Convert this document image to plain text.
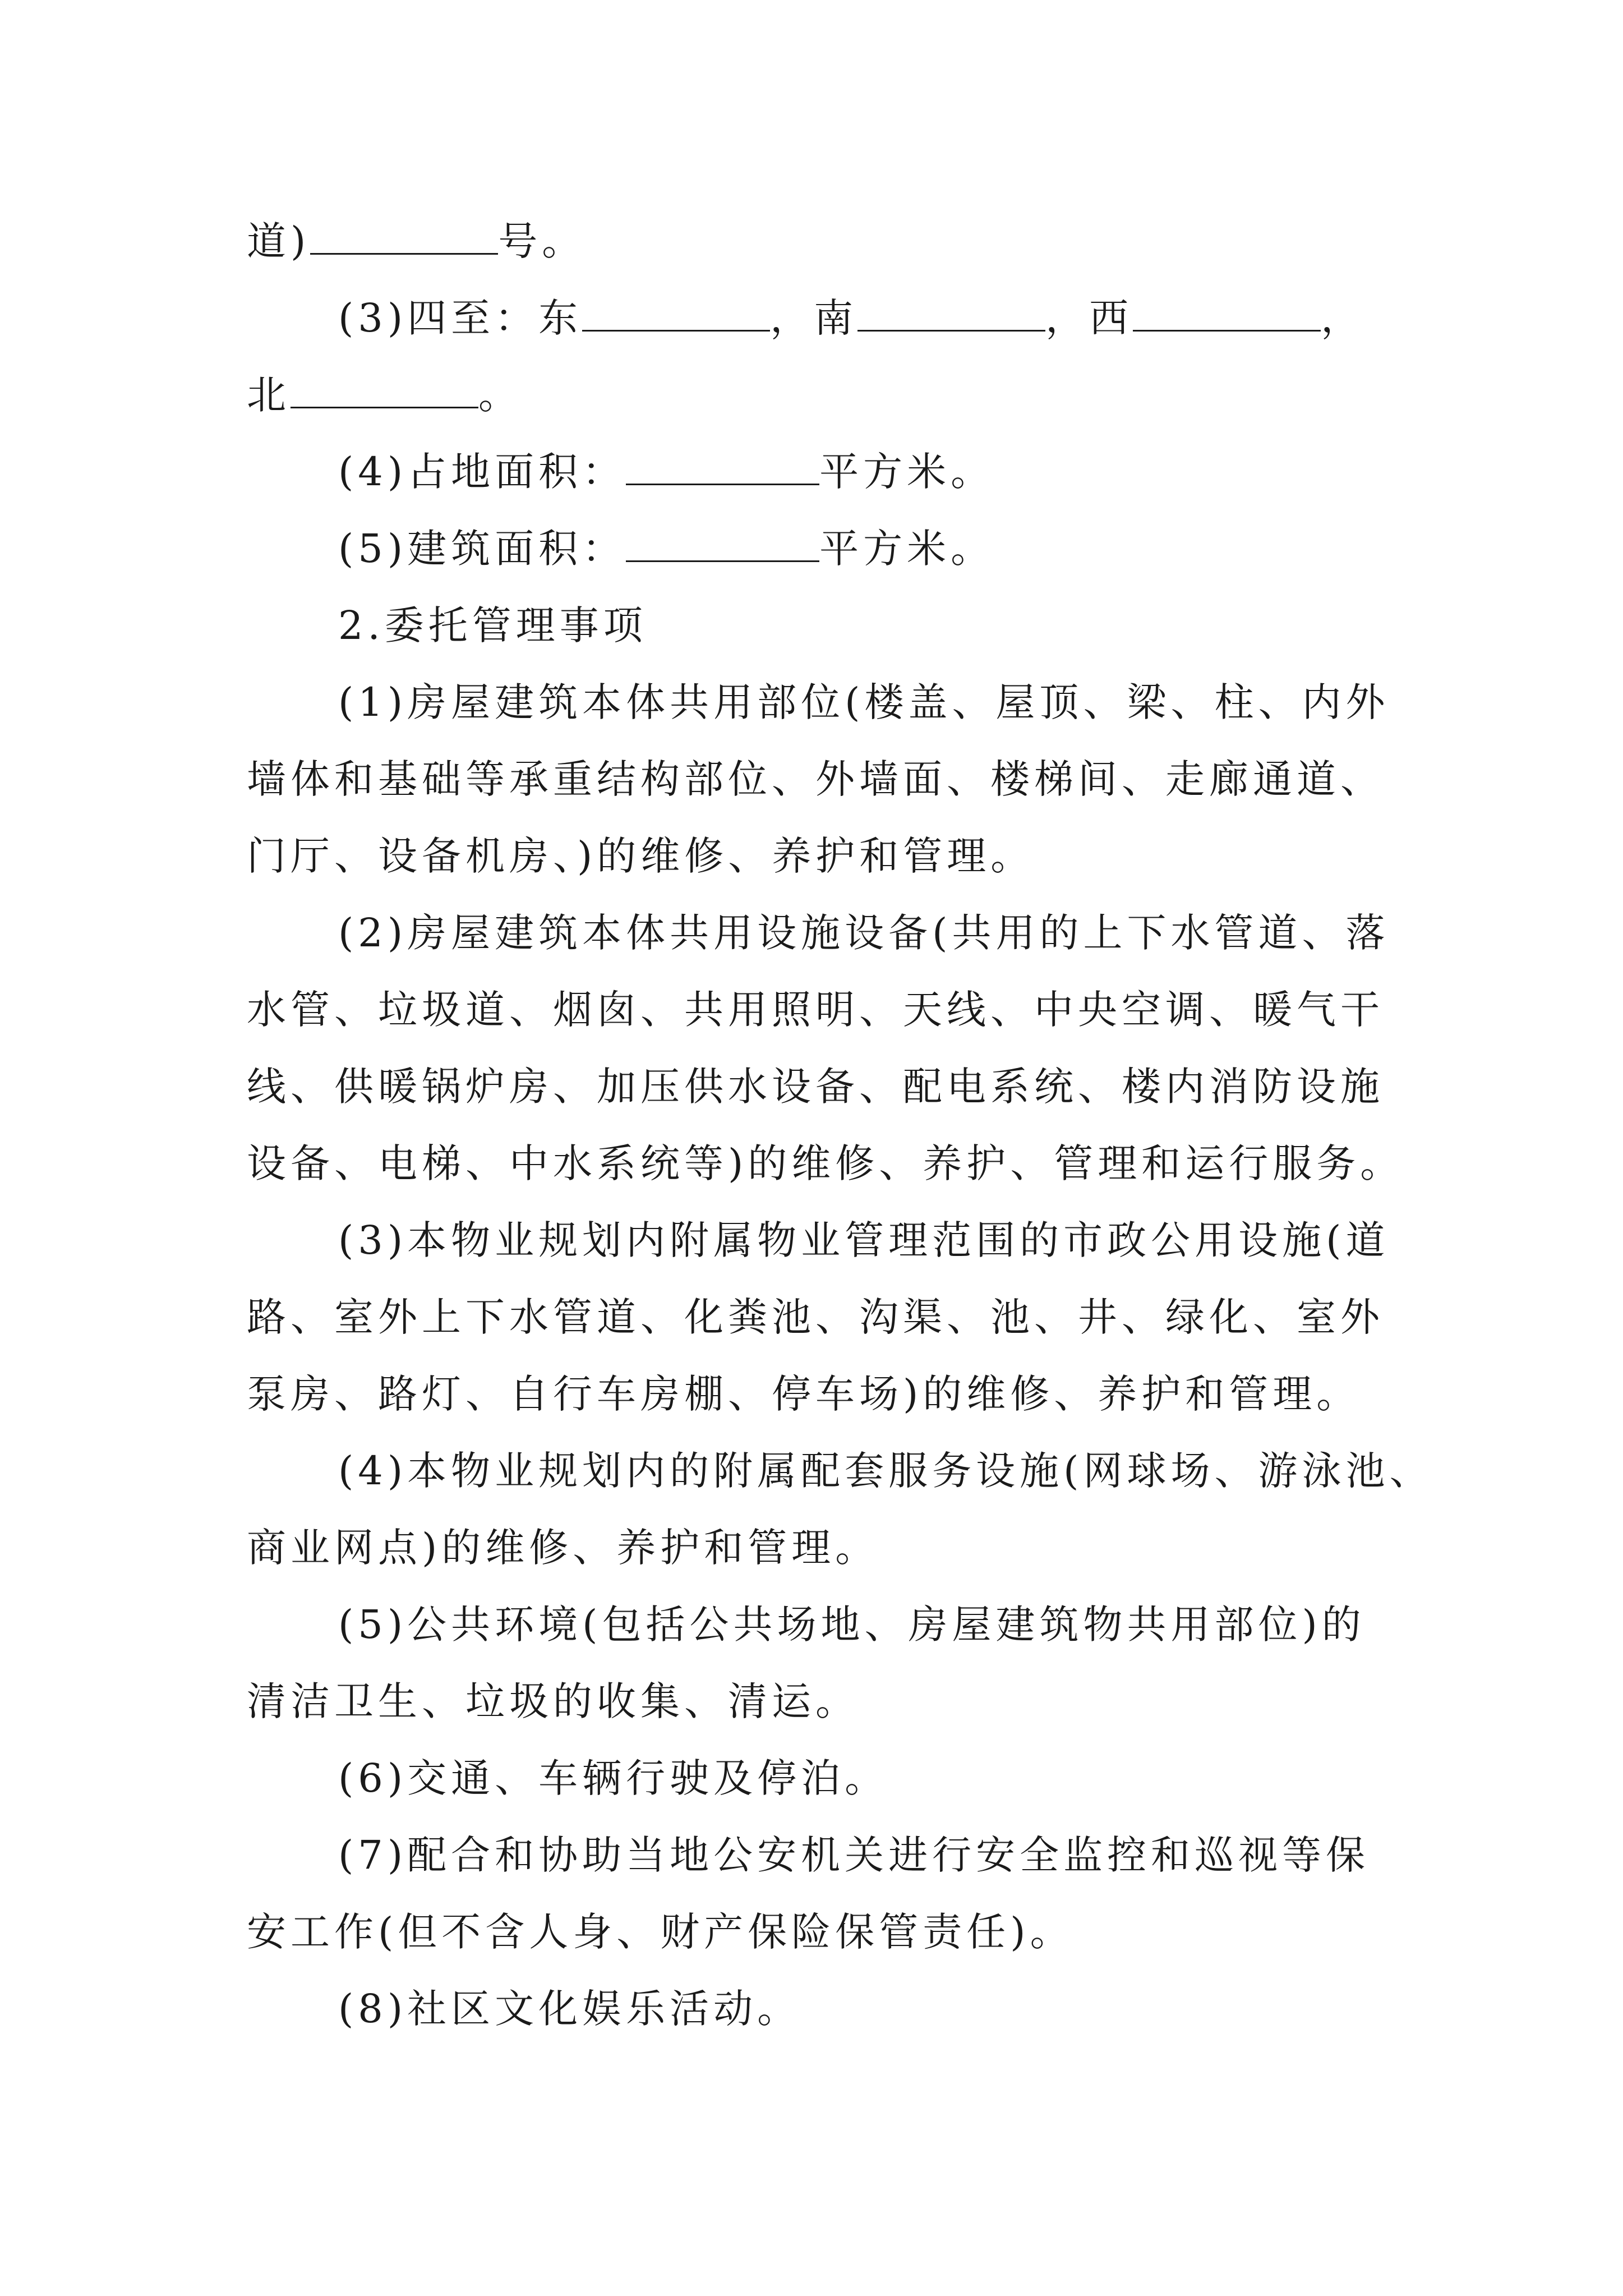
道)	号。
(3)四至：东	，南	，西	，
北	。
(4)占地面积：	平方米。
(5)建筑面积：	平方米。
2.委托管理事项
(1)房屋建筑本体共用部位(楼盖、屋顶、梁、柱、内外
墙体和基础等承重结构部位、外墙面、楼梯间、走廊通道、
门厅、设备机房、)的维修、养护和管理。
(2)房屋建筑本体共用设施设备(共用的上下水管道、落
水管、垃圾道、烟囱、共用照明、天线、中央空调、暖气干
线、供暖锅炉房、加压供水设备、配电系统、楼内消防设施
设备、电梯、中水系统等)的维修、养护、管理和运行服务。
(3)本物业规划内附属物业管理范围的市政公用设施(道
路、室外上下水管道、化粪池、沟渠、池、井、绿化、室外
泵房、路灯、自行车房棚、停车场)的维修、养护和管理。
(4)本物业规划内的附属配套服务设施(网球场、游泳池、
商业网点)的维修、养护和管理。
(5)公共环境(包括公共场地、房屋建筑物共用部位)的
清洁卫生、垃圾的收集、清运。
(6)交通、车辆行驶及停泊。
(7)配合和协助当地公安机关进行安全监控和巡视等保
安工作(但不含人身、财产保险保管责任)。
(8)社区文化娱乐活动。
